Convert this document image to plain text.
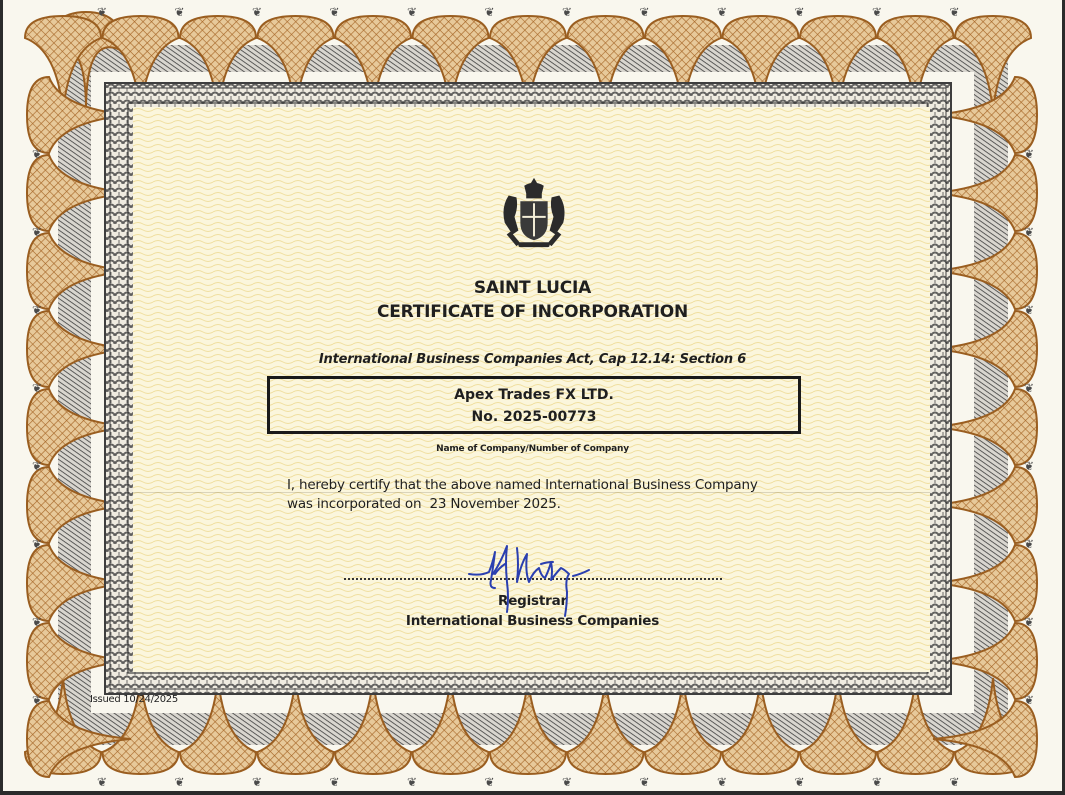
❦
❦
❦
❦
❦
❦
❦
❦
❦
❦
❦
❦
❦
❦
❦
❦
❦
❦
❦
❦
❦
❦
❦
❦
❦	❦
❦	❦
❦	❦
❦	❦
❦	❦
❦	❦
❦	❦
❦	❦
SAINT LUCIA
CERTIFICATE OF INCORPORATION
International Business Companies Act, Cap 12.14: Section 6
Apex Trades FX LTD.
No. 2025-00773
Name of Company/Number of Company
I, hereby certify that the above named International Business Company
was incorporated on  23 November 2025.
Registrar
International Business Companies
Issued 10/24/2025
